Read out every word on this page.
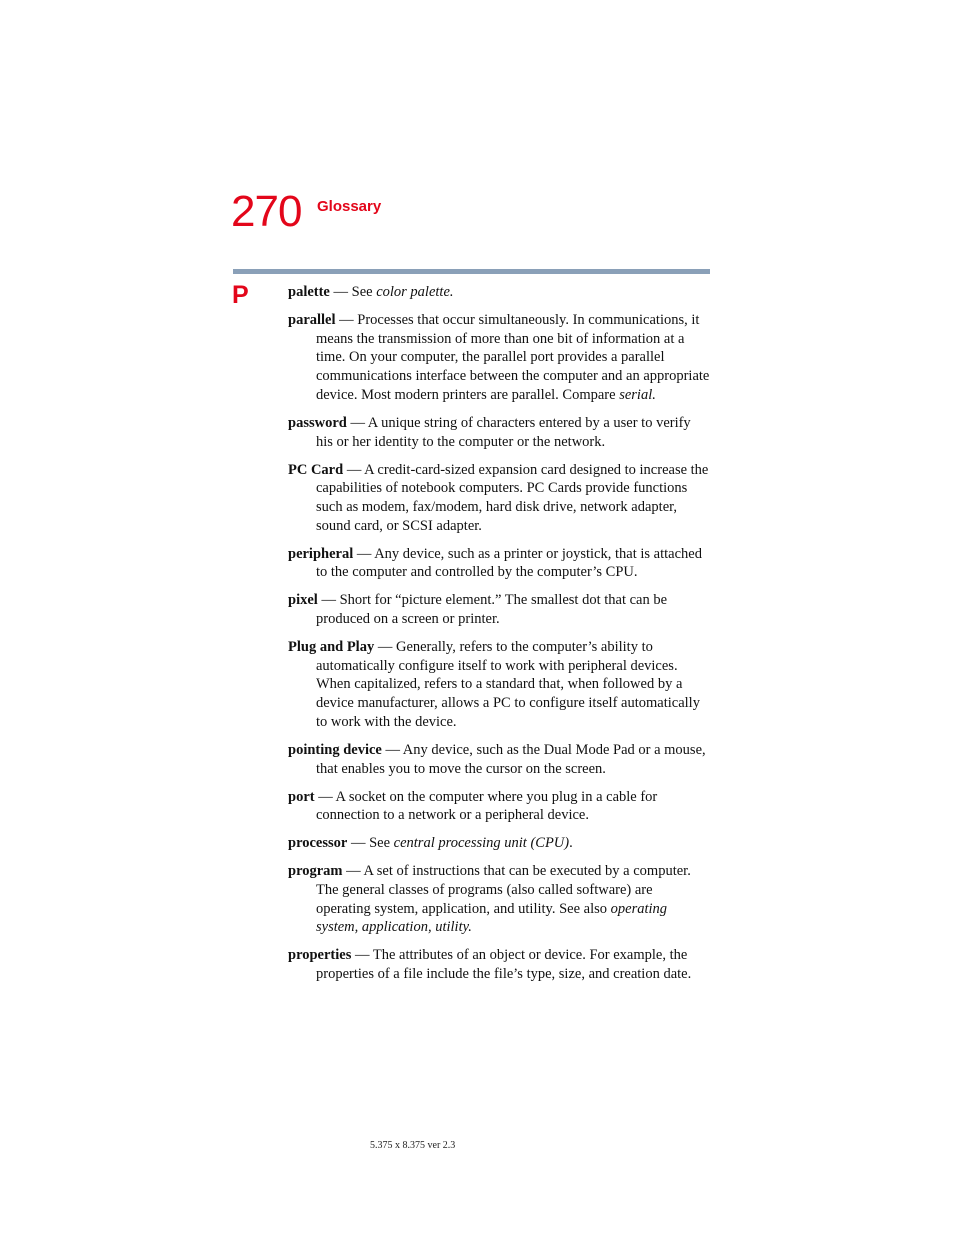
270 Glossary
P	palette — See color palette.

parallel — Processes that occur simultaneously. In communications, it means the transmission of more than one bit of information at a time. On your computer, the parallel port provides a parallel communications interface between the computer and an appropriate device. Most modern printers are parallel. Compare serial.

password — A unique string of characters entered by a user to verify his or her identity to the computer or the network.

PC Card — A credit-card-sized expansion card designed to increase the capabilities of notebook computers. PC Cards provide functions such as modem, fax/modem, hard disk drive, network adapter, sound card, or SCSI adapter.

peripheral — Any device, such as a printer or joystick, that is attached to the computer and controlled by the computer’s CPU.

pixel — Short for “picture element.” The smallest dot that can be produced on a screen or printer.

Plug and Play — Generally, refers to the computer’s ability to automatically configure itself to work with peripheral devices. When capitalized, refers to a standard that, when followed by a device manufacturer, allows a PC to configure itself automatically to work with the device.

pointing device — Any device, such as the Dual Mode Pad or a mouse, that enables you to move the cursor on the screen.

port — A socket on the computer where you plug in a cable for connection to a network or a peripheral device.

processor — See central processing unit (CPU).

program — A set of instructions that can be executed by a computer. The general classes of programs (also called software) are operating system, application, and utility. See also operating system, application, utility.

properties — The attributes of an object or device. For example, the properties of a file include the file’s type, size, and creation date.

5.375 x 8.375 ver 2.3
